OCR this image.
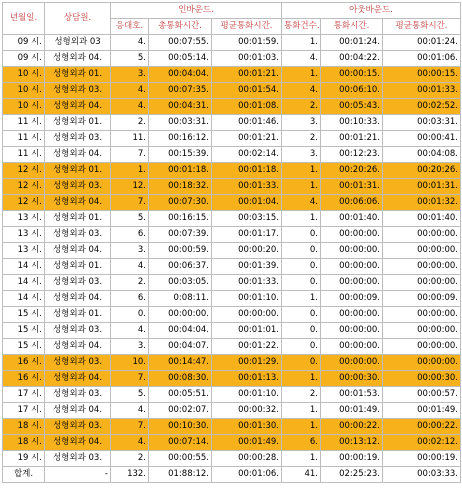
년월일.	상담원.	인바운드.			아웃바운드.		
		응대호.	총통화시간.	평균통화시간.	통화건수.	통화시간.	평균통화시간.
09 시.	성형외과 03	4.	00:07:55.	00:01:59.	1.	00:01:24.	00:01:24.
09 시.	성형외과 04.	5.	00:05:14.	00:01:03.	4.	00:04:22.	00:01:06.
10 시.	성형외과 01.	3.	00:04:04.	00:01:21.	1.	00:00:15.	00:00:15.
10 시.	성형외과 03.	4.	00:07:35.	00:01:54.	4.	00:06:10.	00:01:33.
10 시.	성형외과 04.	4.	00:04:31.	00:01:08.	2.	00:05:43.	00:02:52.
11 시.	성형외과 01.	2.	00:03:31.	00:01:46.	3.	00:10:33.	00:03:31.
11 시.	성형외과 03.	11.	00:16:12.	00:01:21.	2.	00:01:21.	00:00:41.
11 시.	성형외과 04.	7.	00:15:39.	00:02:14.	3.	00:12:23.	00:04:08.
12 시.	성형외과 01.	1.	00:01:18.	00:01:18.	1.	00:20:26.	00:20:26.
12 시.	성형외과 03.	12.	00:18:32.	00:01:33.	1.	00:01:31.	00:01:31.
12 시.	성형외과 04.	7.	00:07:30.	00:01:04.	4.	00:06:06.	00:01:32.
13 시.	성형외과 01.	5.	00:16:15.	00:03:15.	1.	00:01:40.	00:01:40.
13 시.	성형외과 03.	6.	00:07:39.	00:01:17.	0.	00:00:00.	00:00:00.
13 시.	성형외과 04.	3.	00:00:59.	00:00:20.	0.	00:00:00.	00:00:00.
14 시.	성형외과 01.	4.	00:06:37.	00:01:39.	0.	00:00:00.	00:00:00.
14 시.	성형외과 03.	2.	00:03:05.	00:01:33.	0.	00:00:00.	00:00:00.
14 시.	성형외과 04.	6.	0:08:11.	00:01:10.	1.	00:00:09.	00:00:09.
15 시.	성형외과 01.	0.	00:00:00.	00:00:00.	0.	00:00:00.	00:00:00.
15 시.	성형외과 03.	4.	00:04:04.	00:01:01.	0.	00:00:00.	00:00:00.
15 시.	성형외과 04.	3.	00:04:07.	00:01:22.	0.	00:00:00.	00:00:00.
16 시.	성형외과 03.	10.	00:14:47.	00:01:29.	0.	00:00:00.	00:00:00.
16 시.	성형외과 04.	7.	00:08:30.	00:01:13.	1.	00:00:30.	00:00:30.
17 시.	성형외과 03.	5.	00:05:51.	00:01:10.	2.	00:01:53.	00:00:57.
17 시.	성형외과 04.	4.	00:02:07.	00:00:32.	1.	00:01:49.	00:01:49.
18 시.	성형외과 03.	7.	00:10:30.	00:01:30.	1.	00:00:22.	00:00:22.
18 시.	성형외과 04.	4.	00:07:14.	00:01:49.	6.	00:13:12.	00:02:12.
19 시.	성형외과 03.	2.	00:00:55.	00:00:28.	1.	00:00:19.	00:00:19.
합계.	-	132.	01:88:12.	00:01:06.	41.	02:25:23.	00:03:33.
